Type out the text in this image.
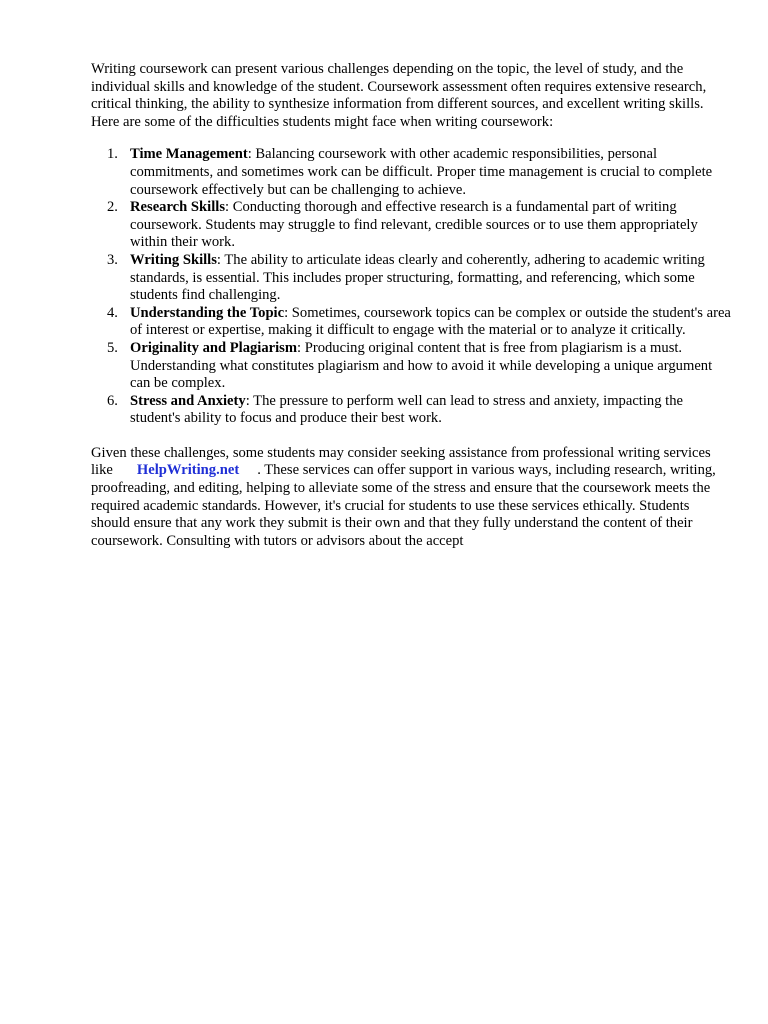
Writing coursework can present various challenges depending on the topic, the level of study, and the individual skills and knowledge of the student. Coursework assessment often requires extensive research, critical thinking, the ability to synthesize information from different sources, and excellent writing skills. Here are some of the difficulties students might face when writing coursework:

1. Time Management: Balancing coursework with other academic responsibilities, personal commitments, and sometimes work can be difficult. Proper time management is crucial to complete coursework effectively but can be challenging to achieve.
2. Research Skills: Conducting thorough and effective research is a fundamental part of writing coursework. Students may struggle to find relevant, credible sources or to use them appropriately within their work.
3. Writing Skills: The ability to articulate ideas clearly and coherently, adhering to academic writing standards, is essential. This includes proper structuring, formatting, and referencing, which some students find challenging.
4. Understanding the Topic: Sometimes, coursework topics can be complex or outside the student's area of interest or expertise, making it difficult to engage with the material or to analyze it critically.
5. Originality and Plagiarism: Producing original content that is free from plagiarism is a must. Understanding what constitutes plagiarism and how to avoid it while developing a unique argument can be complex.
6. Stress and Anxiety: The pressure to perform well can lead to stress and anxiety, impacting the student's ability to focus and produce their best work.

Given these challenges, some students may consider seeking assistance from professional writing services like HelpWriting.net . These services can offer support in various ways, including research, writing, proofreading, and editing, helping to alleviate some of the stress and ensure that the coursework meets the required academic standards. However, it's crucial for students to use these services ethically. Students should ensure that any work they submit is their own and that they fully understand the content of their coursework. Consulting with tutors or advisors about the accept
